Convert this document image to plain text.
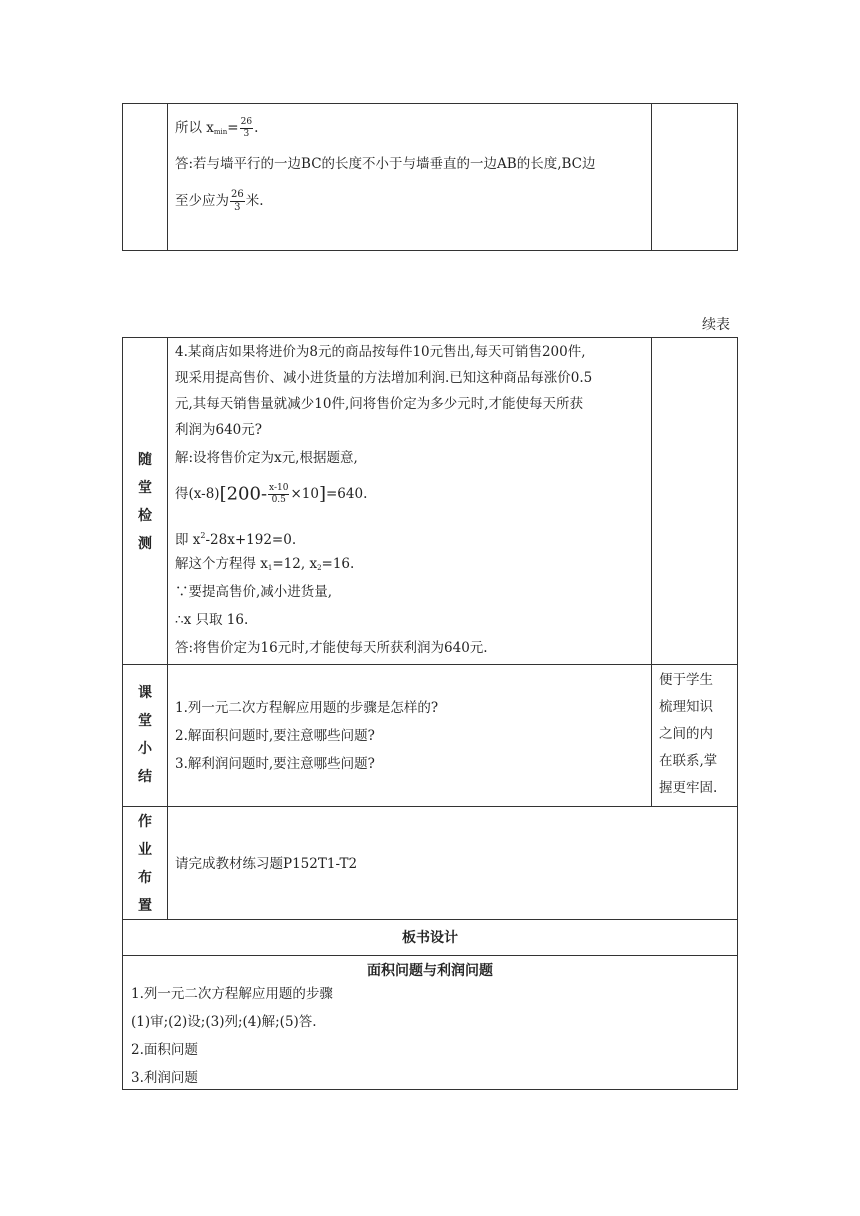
所以 $x_{min}= \frac{26}{3}$ .
答:若与墙平行的一边BC的长度不小于与墙垂直的一边AB的长度,BC边
至少应为 $\frac{26}{3}$ 米.
续表
随
堂
检
测
4.某商店如果将进价为8元的商品按每件10元售出,每天可销售200件,
现采用提高售价、减小进货量的方法增加利润.已知这种商品每涨价0.5
元,其每天销售量就减少10件,问将售价定为多少元时,才能使每天所获
利润为640元?
解:设将售价定为x元,根据题意,
得$(x-8)[200- \frac{x-10}{0.5} \times 10]=640$.
即 $x^2-28x+192=0$.
解这个方程得 $x_1=12$, $x_2=16$.
∵要提高售价,减小进货量,
∴x 只取 16.
答:将售价定为16元时,才能使每天所获利润为640元.
课
堂
小
结
1.列一元二次方程解应用题的步骤是怎样的?
2.解面积问题时,要注意哪些问题?
3.解利润问题时,要注意哪些问题?
便于学生
梳理知识
之间的内
在联系,掌
握更牢固.
作
业
布
置
请完成教材练习题P152T1-T2
板书设计
面积问题与利润问题
1.列一元二次方程解应用题的步骤
(1)审;(2)设;(3)列;(4)解;(5)答.
2.面积问题
3.利润问题
